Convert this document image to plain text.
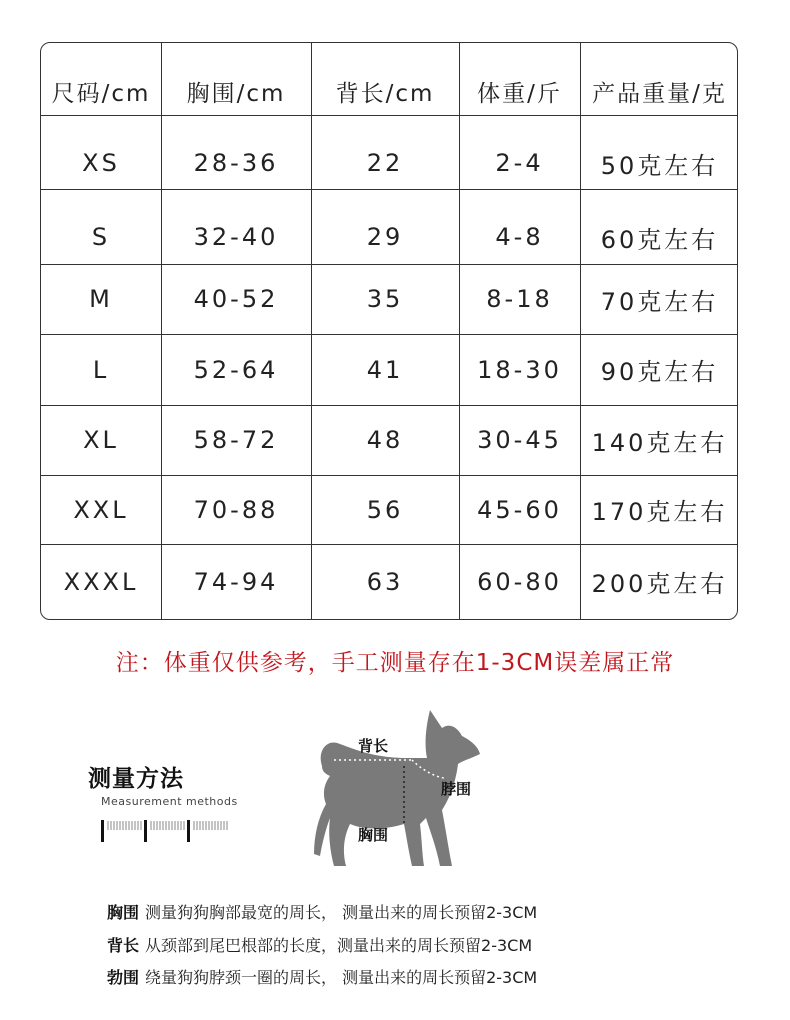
尺码/cm	胸围/cm	背长/cm	体重/斤	产品重量/克
XS	28-36	22	2-4	50克左右
S	32-40	29	4-8	60克左右
M	40-52	35	8-18	70克左右
L	52-64	41	18-30	90克左右
XL	58-72	48	30-45	140克左右
XXL	70-88	56	45-60	170克左右
XXXL	74-94	63	60-80	200克左右
注：体重仅供参考，手工测量存在1-3CM误差属正常
测量方法
Measurement methods
背长
脖围
胸围
胸围 测量狗狗胸部最宽的周长， 测量出来的周长预留2-3CM
背长 从颈部到尾巴根部的长度，测量出来的周长预留2-3CM
勃围 绕量狗狗脖颈一圈的周长， 测量出来的周长预留2-3CM
